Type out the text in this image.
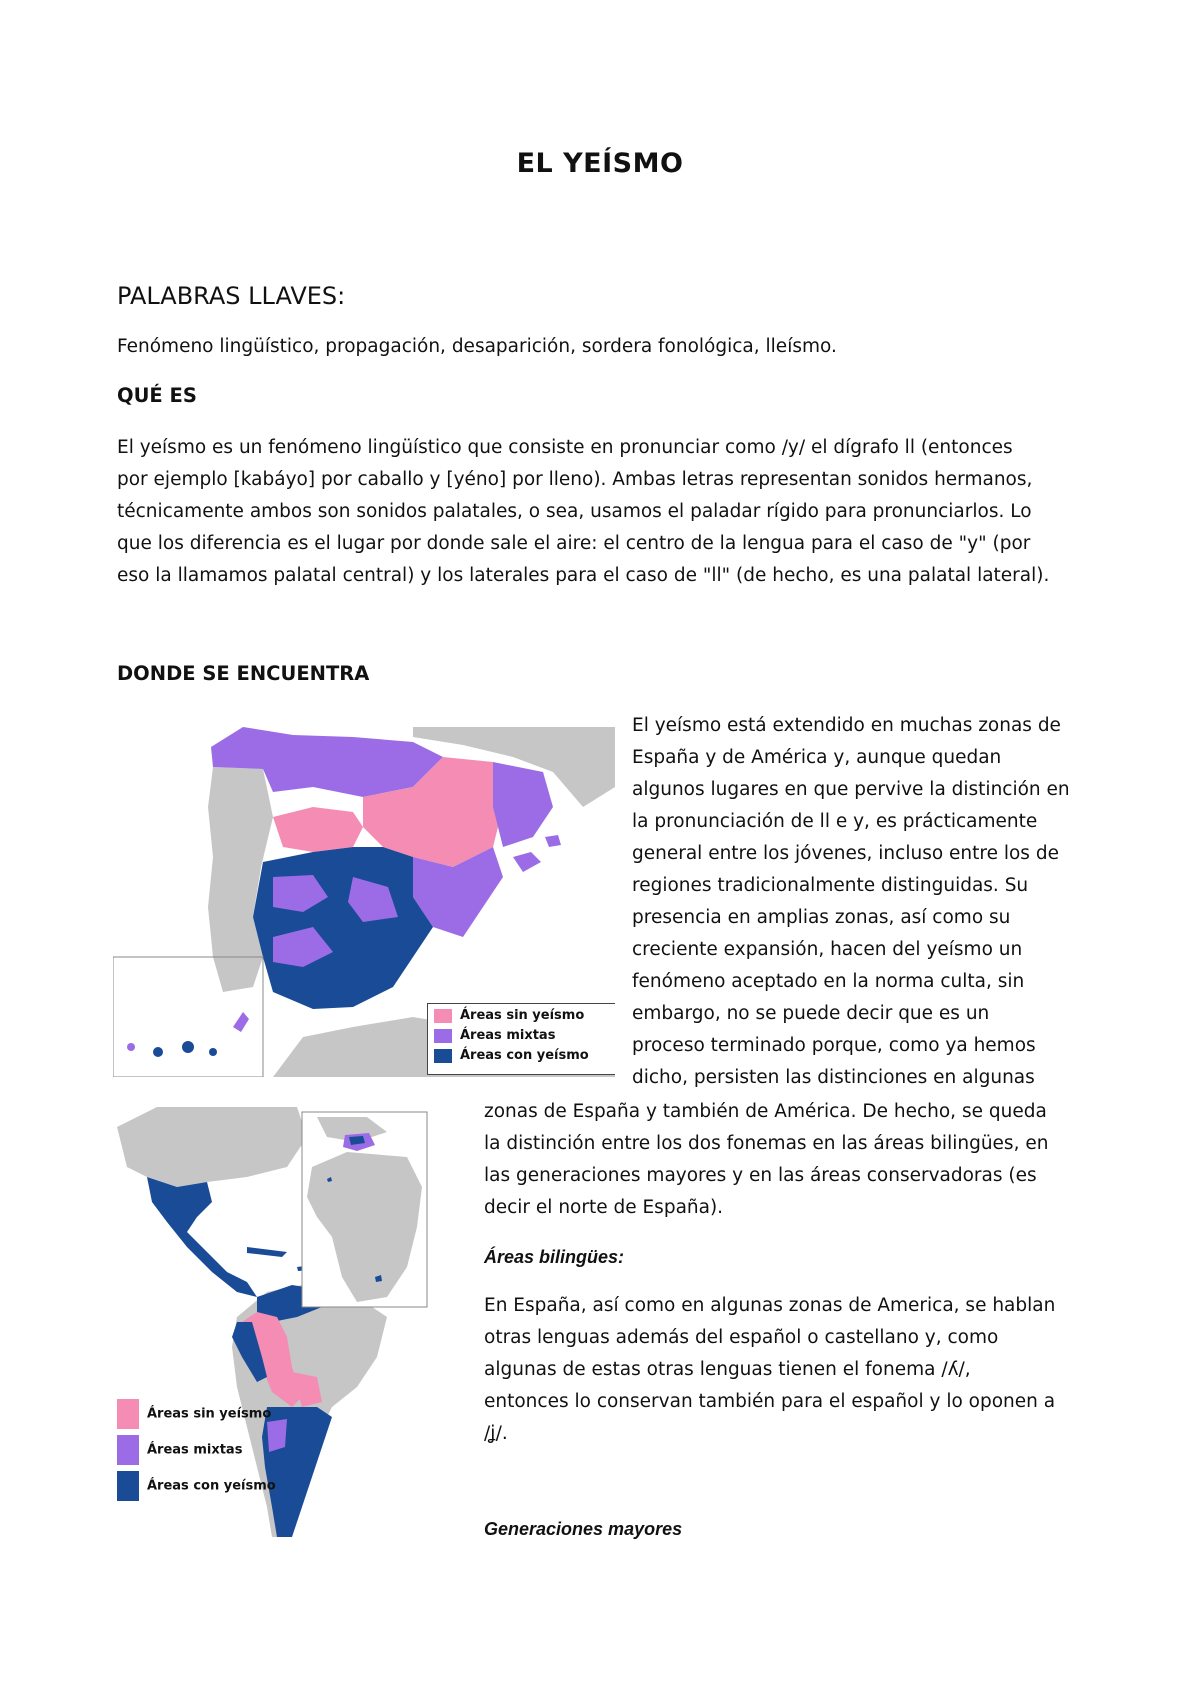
EL YEÍSMO
PALABRAS LLAVES:
Fenómeno lingüístico, propagación, desaparición, sordera fonológica, lleísmo.
QUÉ ES
El yeísmo es un fenómeno lingüístico que consiste en pronunciar como /y/ el dígrafo ll (entonces
por ejemplo [kabáyo] por caballo y [yéno] por lleno). Ambas letras representan sonidos hermanos,
técnicamente ambos son sonidos palatales, o sea, usamos el paladar rígido para pronunciarlos. Lo
que los diferencia es el lugar por donde sale el aire: el centro de la lengua para el caso de "y" (por
eso la llamamos palatal central) y los laterales para el caso de "ll" (de hecho, es una palatal lateral).
DONDE SE ENCUENTRA
Áreas sin yeísmo
Áreas mixtas
Áreas con yeísmo
El yeísmo está extendido en muchas zonas de
España y de América y, aunque quedan
algunos lugares en que pervive la distinción en
la pronunciación de ll e y, es prácticamente
general entre los jóvenes, incluso entre los de
regiones tradicionalmente distinguidas. Su
presencia en amplias zonas, así como su
creciente expansión, hacen del yeísmo un
fenómeno aceptado en la norma culta, sin
embargo, no se puede decir que es un
proceso terminado porque, como ya hemos
dicho, persisten las distinciones en algunas
Áreas sin yeísmo
Áreas mixtas
Áreas con yeísmo
zonas de España y también de América. De hecho, se queda
la distinción entre los dos fonemas en las áreas bilingües, en
las generaciones mayores y en las áreas conservadoras (es
decir el norte de España).
Áreas bilingües:
En España, así como en algunas zonas de America, se hablan
otras lenguas además del español o castellano y, como
algunas de estas otras lenguas tienen el fonema /ʎ/,
entonces lo conservan también para el español y lo oponen a
/ʝ/.
Generaciones mayores
